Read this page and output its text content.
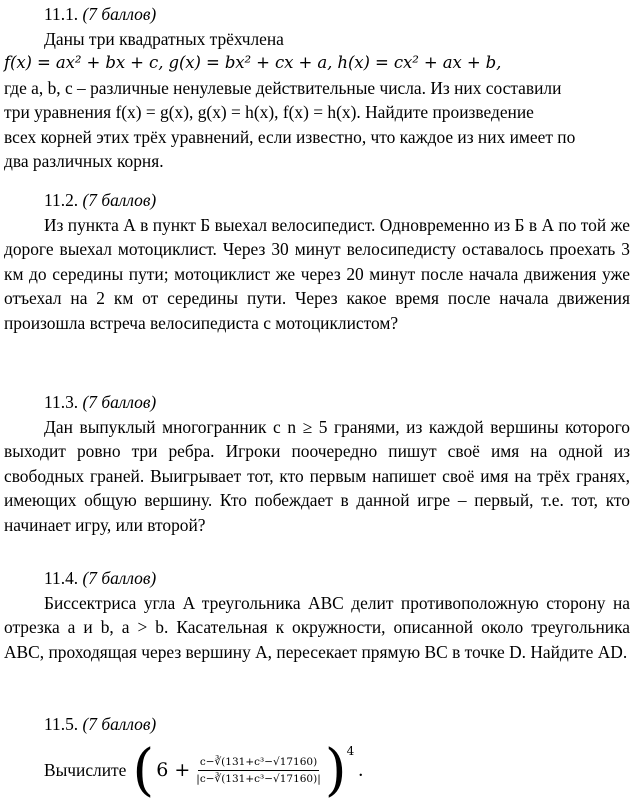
11.1. (7 баллов)
Даны три квадратных трёхчлена
f(x) = ax² + bx + c, g(x) = bx² + cx + a, h(x) = cx² + ax + b,
где a, b, c – различные ненулевые действительные числа. Из них составили
три уравнения f(x) = g(x), g(x) = h(x), f(x) = h(x). Найдите произведение
всех корней этих трёх уравнений, если известно, что каждое из них имеет по
два различных корня.
11.2. (7 баллов)

Из пункта А в пункт Б выехал велосипедист. Одновременно из Б в А по той же дороге выехал мотоциклист. Через 30 минут велосипедисту оставалось проехать 3 км до середины пути; мотоциклист же через 20 минут после начала движения уже отъехал на 2 км от середины пути. Через какое время после начала движения произошла встреча велосипедиста с мотоциклистом?

11.3. (7 баллов)

Дан выпуклый многогранник с n ≥ 5 гранями, из каждой вершины которого выходит ровно три ребра. Игроки поочередно пишут своё имя на одной из свободных граней. Выигрывает тот, кто первым напишет своё имя на трёх гранях, имеющих общую вершину. Кто побеждает в данной игре – первый, т.е. тот, кто начинает игру, или второй?

11.4. (7 баллов)

Биссектриса угла A треугольника ABC делит противоположную сторону на отрезка a и b, a > b. Касательная к окружности, описанной около треугольника ABC, проходящая через вершину A, пересекает прямую BC в точке D. Найдите AD.

11.5. (7 баллов)
Вычислите ( $6 + \frac{\text{c−∛(131+c³−√17160)}}{\text{|c−∛(131+c³−√17160)|}}$ ) 4
.
